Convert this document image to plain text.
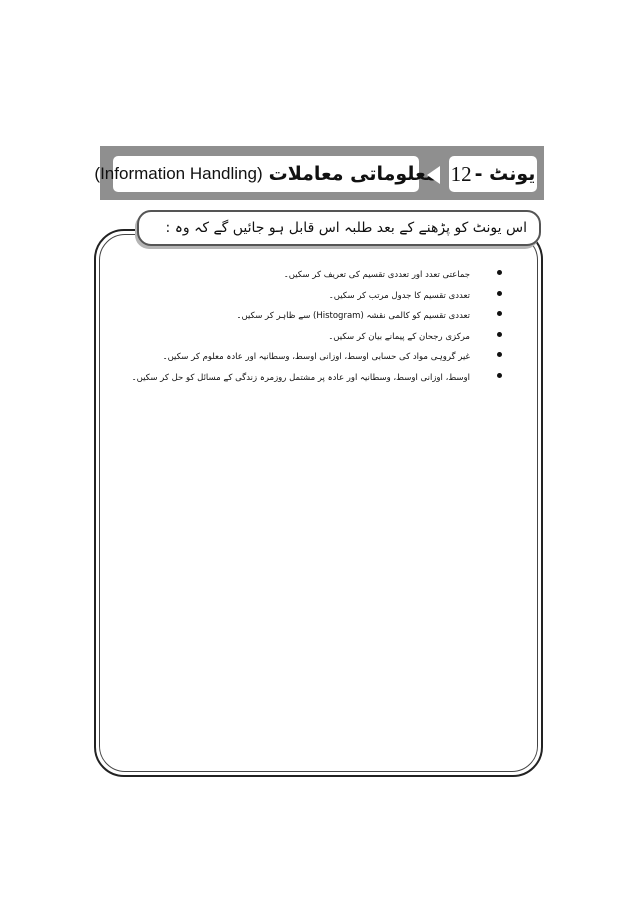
معلوماتی معاملات
(Information Handling)	یونٹ -
12
اس یونٹ کو پڑھنے کے بعد طلبہ اس قابل ہو جائیں گے کہ وہ :
جماعتی تعدد اور تعددی تقسیم کی تعریف کر سکیں۔
تعددی تقسیم کا جدول مرتب کر سکیں۔
تعددی تقسیم کو کالمی نقشہ (Histogram) سے ظاہر کر سکیں۔
مرکزی رجحان کے پیمانے بیان کر سکیں۔
غیر گروہی مواد کی حسابی اوسط، اوزانی اوسط، وسطانیہ اور عادہ معلوم کر سکیں۔
اوسط، اوزانی اوسط، وسطانیہ اور عادہ پر مشتمل روزمرہ زندگی کے مسائل کو حل کر سکیں۔
